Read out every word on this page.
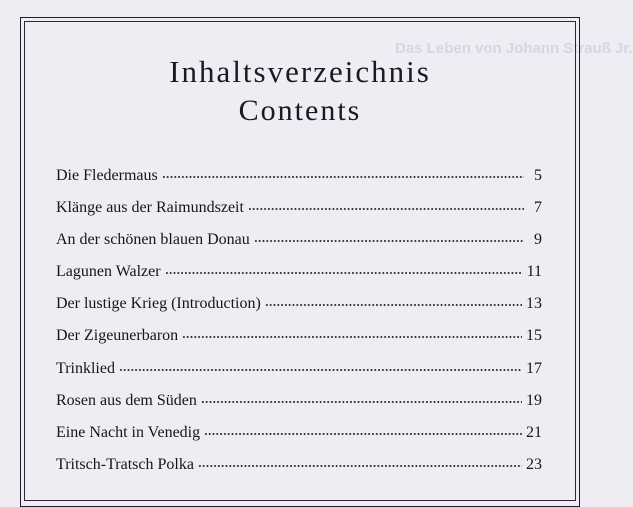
Das Leben von Johann Strauß Jr.
Inhaltsverzeichnis
Contents
Die Fledermaus	5
Klänge aus der Raimundszeit	7
An der schönen blauen Donau	9
Lagunen Walzer	11
Der lustige Krieg (Introduction)	13
Der Zigeunerbaron	15
Trinklied	17
Rosen aus dem Süden	19
Eine Nacht in Venedig	21
Tritsch-Tratsch Polka	23
